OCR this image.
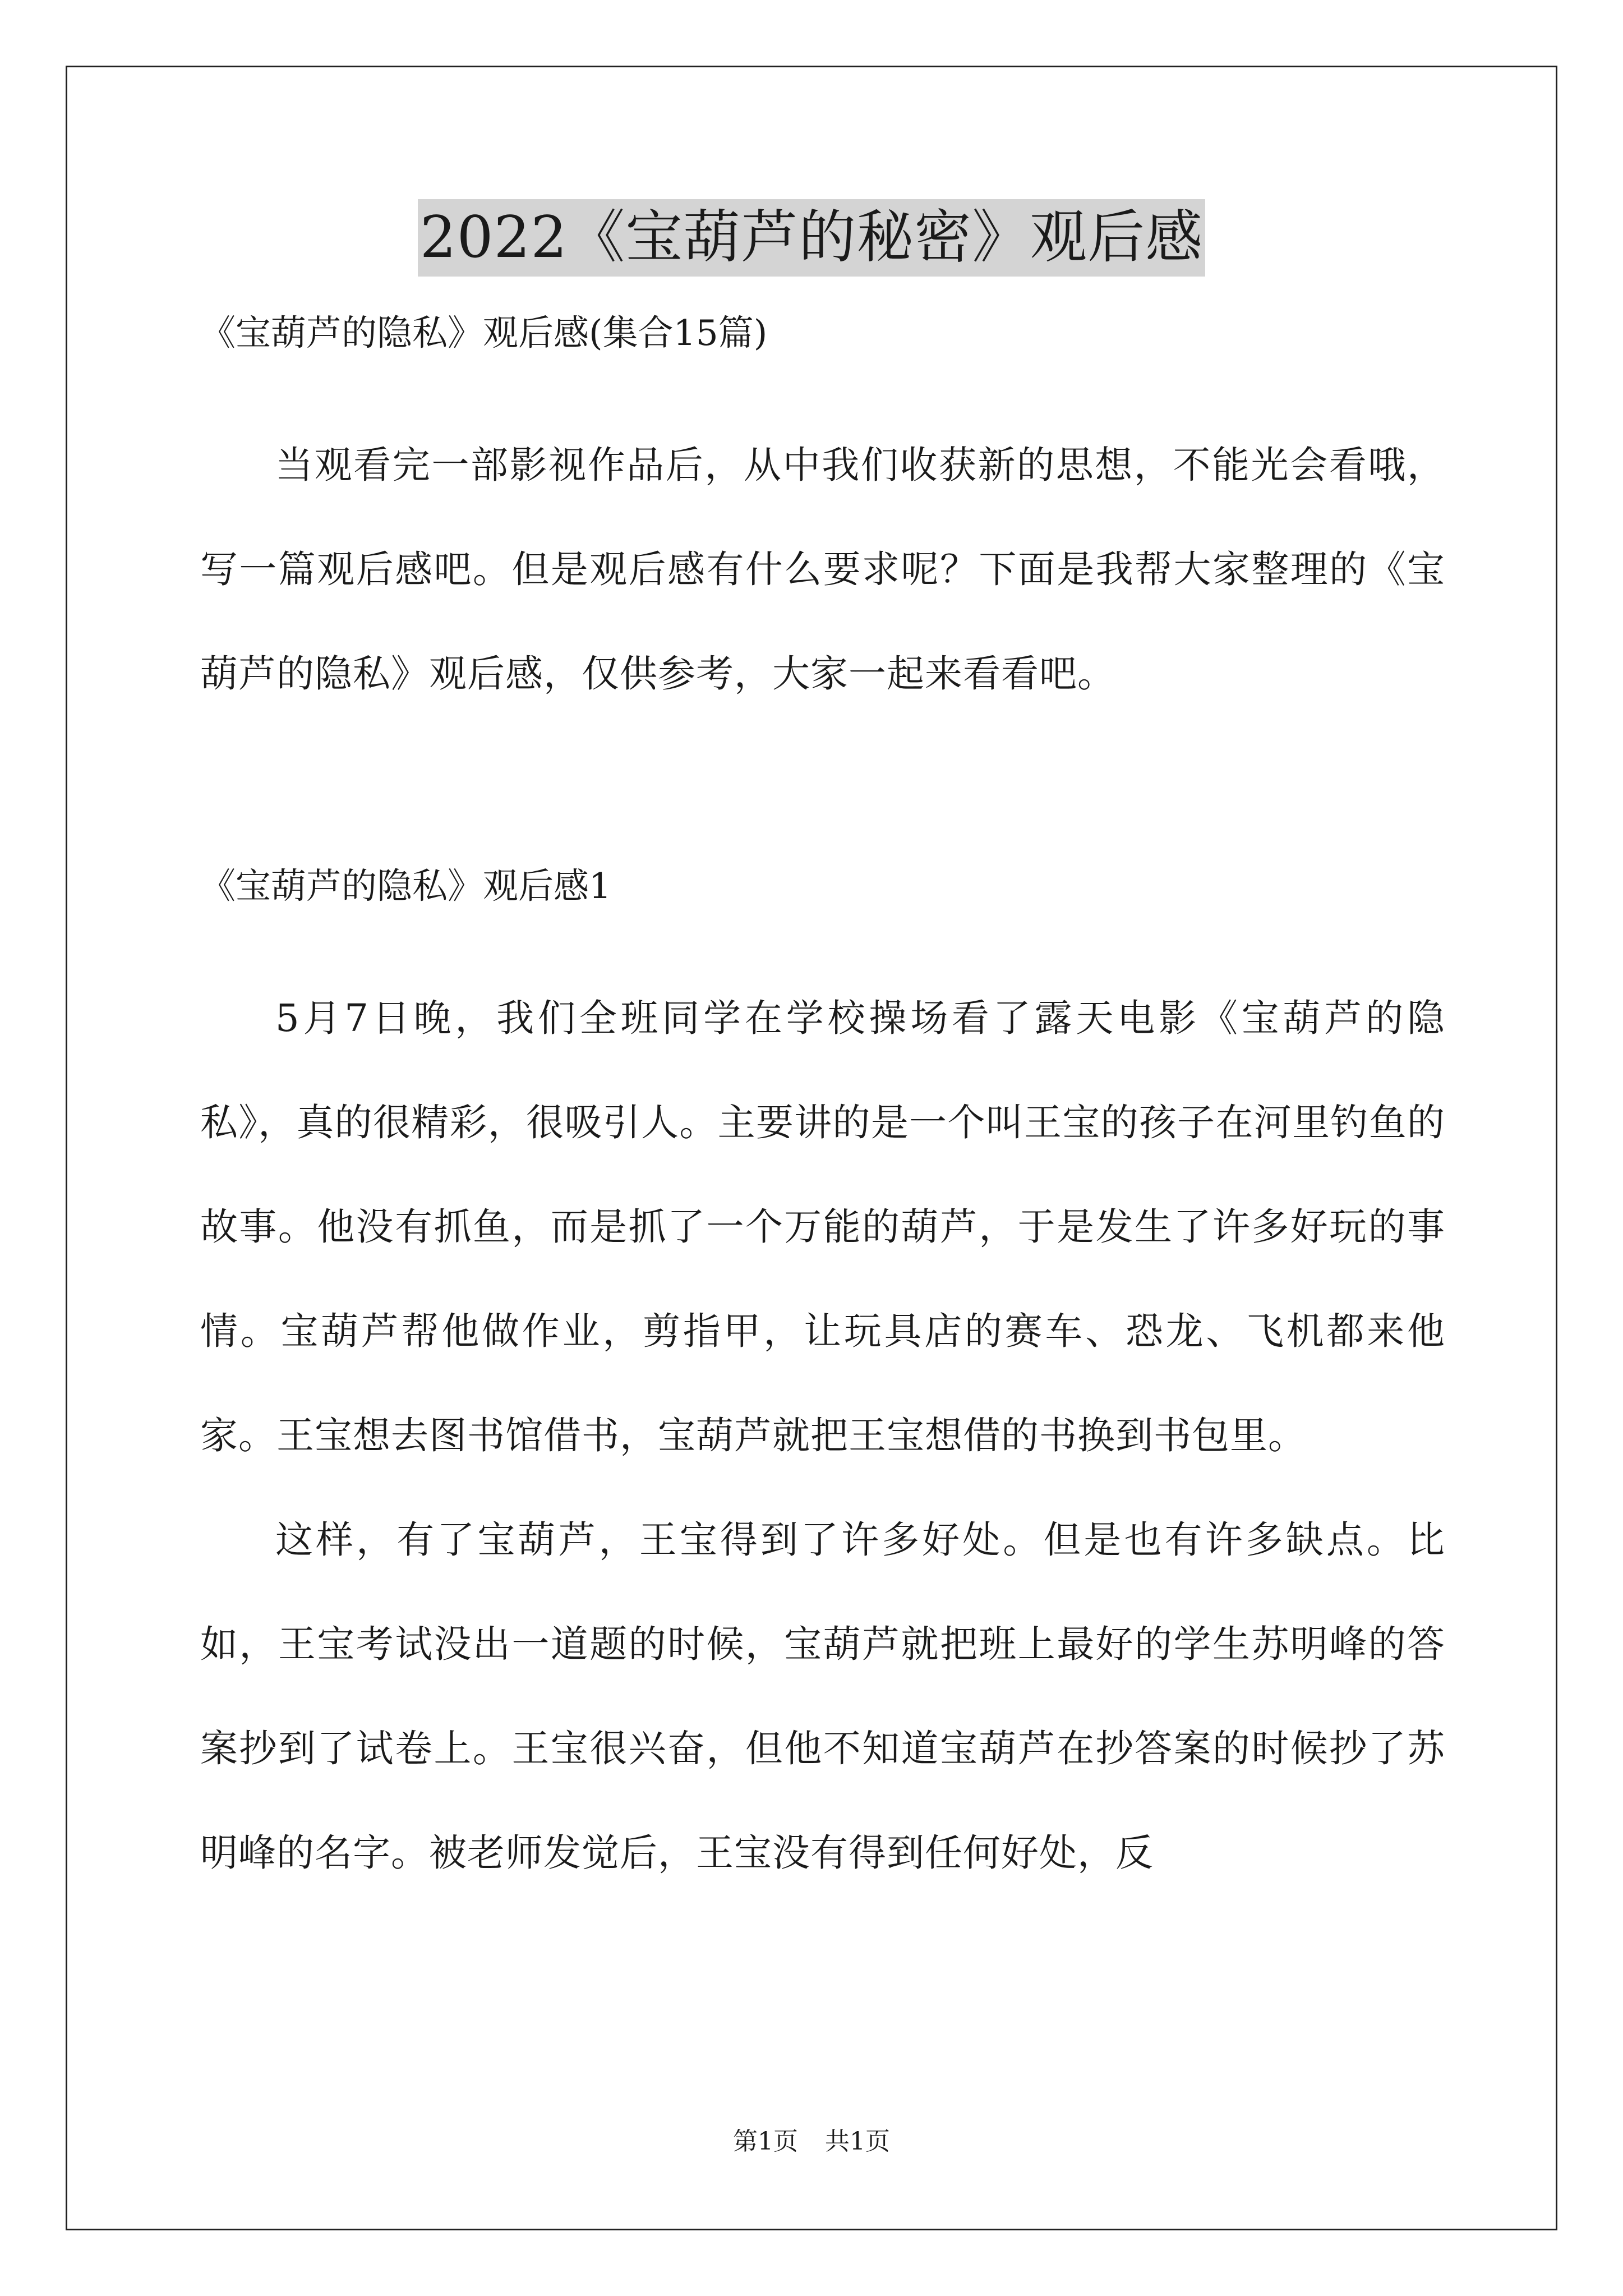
2022《宝葫芦的秘密》观后感

《宝葫芦的隐私》观后感(集合15篇)

当观看完一部影视作品后，从中我们收获新的思想，不能光会看哦，写一篇观后感吧。但是观后感有什么要求呢？下面是我帮大家整理的《宝葫芦的隐私》观后感，仅供参考，大家一起来看看吧。

《宝葫芦的隐私》观后感1

5月7日晚，我们全班同学在学校操场看了露天电影《宝葫芦的隐私》，真的很精彩，很吸引人。主要讲的是一个叫王宝的孩子在河里钓鱼的故事。他没有抓鱼，而是抓了一个万能的葫芦，于是发生了许多好玩的事情。宝葫芦帮他做作业，剪指甲，让玩具店的赛车、恐龙、飞机都来他家。王宝想去图书馆借书，宝葫芦就把王宝想借的书换到书包里。

这样，有了宝葫芦，王宝得到了许多好处。但是也有许多缺点。比如，王宝考试没出一道题的时候，宝葫芦就把班上最好的学生苏明峰的答案抄到了试卷上。王宝很兴奋，但他不知道宝葫芦在抄答案的时候抄了苏明峰的名字。被老师发觉后，王宝没有得到任何好处，反

第1页 共1页
